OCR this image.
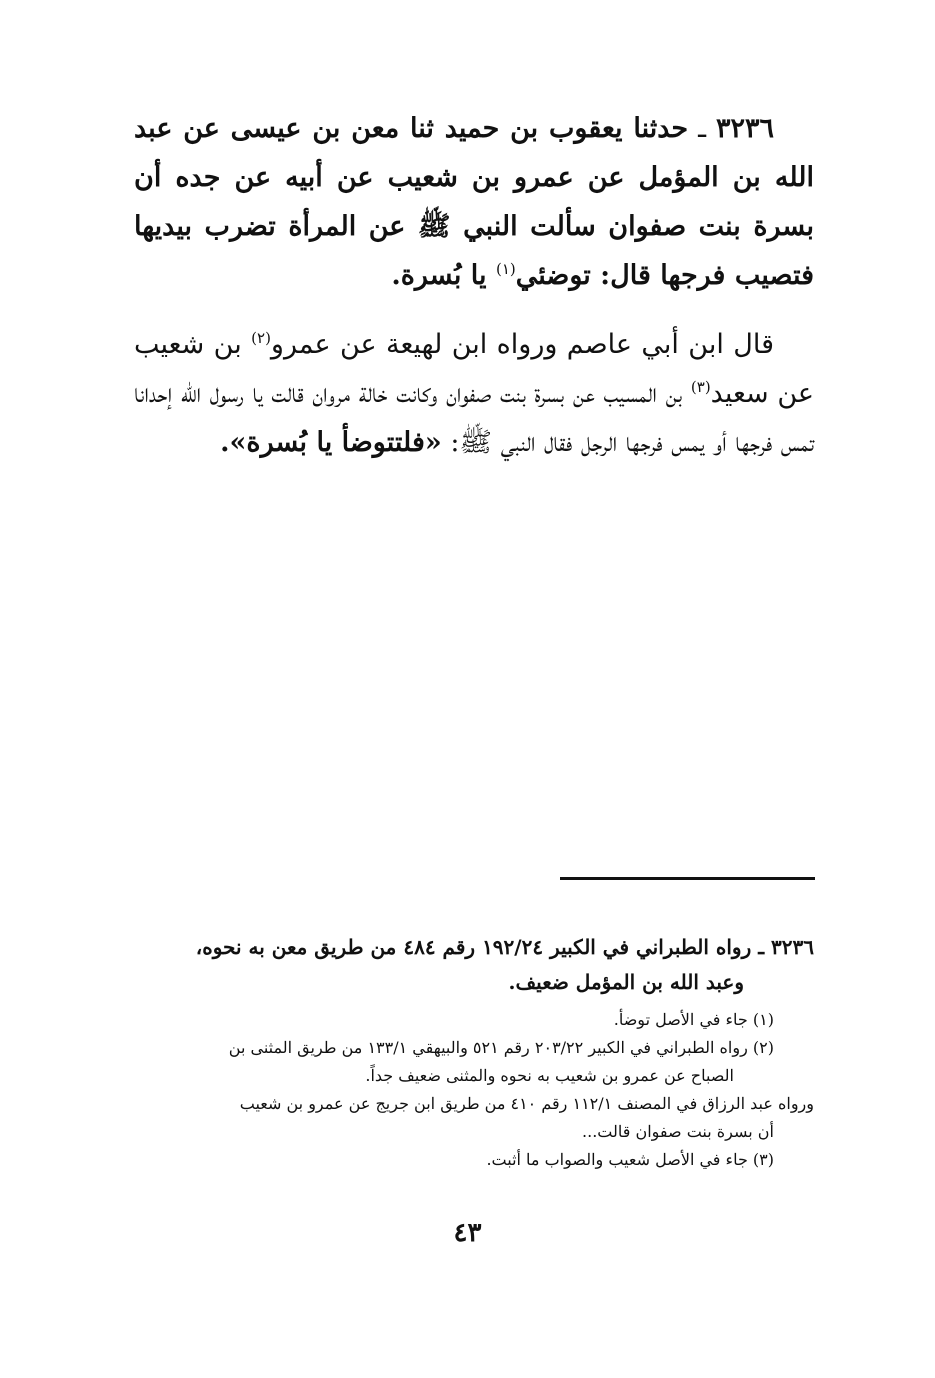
٣٢٣٦ ـ حدثنا يعقوب بن حميد ثنا معن بن عيسى عن عبد الله بن المؤمل عن عمرو بن شعيب عن أبيه عن جده أن بسرة بنت صفوان سألت النبي ﷺ عن المرأة تضرب بيديها فتصيب فرجها قال: توضئي$^{(١)}$ يا بُسرة.

قال ابن أبي عاصم ورواه ابن لهيعة عن عمرو$^{(٢)}$ بن شعيب عن سعيد$^{(٣)}$ بن المسيب عن بسرة بنت صفوان وكانت خالة مروان قالت يا رسول الله إحدانا تمس فرجها أو يمس فرجها الرجل فقال النبي ﷺ: «فلتتوضأ يا بُسرة».

٣٢٣٦ ـ رواه الطبراني في الكبير ١٩٢/٢٤ رقم ٤٨٤ من طريق معن به نحوه،
وعبد الله بن المؤمل ضعيف.

(١) جاء في الأصل توضأ.

(٢) رواه الطبراني في الكبير ٢٠٣/٢٢ رقم ٥٢١ والبيهقي ١٣٣/١ من طريق المثنى بن
الصباح عن عمرو بن شعيب به نحوه والمثنى ضعيف جداً.

ورواه عبد الرزاق في المصنف ١١٢/١ رقم ٤١٠ من طريق ابن جريج عن عمرو بن شعيب
أن بسرة بنت صفوان قالت...

(٣) جاء في الأصل شعيب والصواب ما أثبت.

٤٣
